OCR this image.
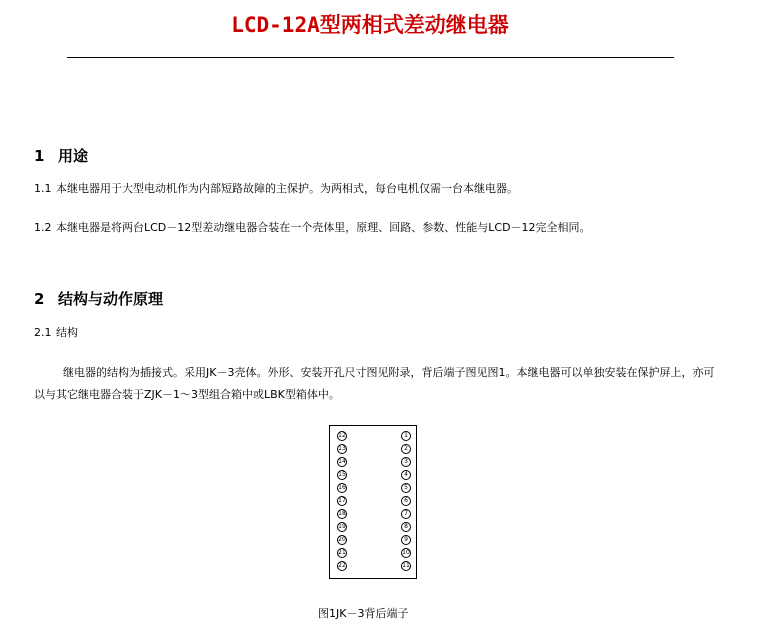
LCD-12A型两相式差动继电器
1 用途
1.1 本继电器用于大型电动机作为内部短路故障的主保护。为两相式，每台电机仅需一台本继电器。
1.2 本继电器是将两台LCD－12型差动继电器合装在一个壳体里，原理、回路、参数、性能与LCD－12完全相同。
2 结构与动作原理
2.1 结构
继电器的结构为插接式。采用JK－3壳体。外形、安装开孔尺寸图见附录，背后端子图见图1。本继电器可以单独安装在保护屏上，亦可以与其它继电器合装于ZJK－1～3型组合箱中或LBK型箱体中。
12
13
14
15
16
17
18
19
20
21
22
1
2
3
4
5
6
7
8
9
10
11
图1JK－3背后端子
